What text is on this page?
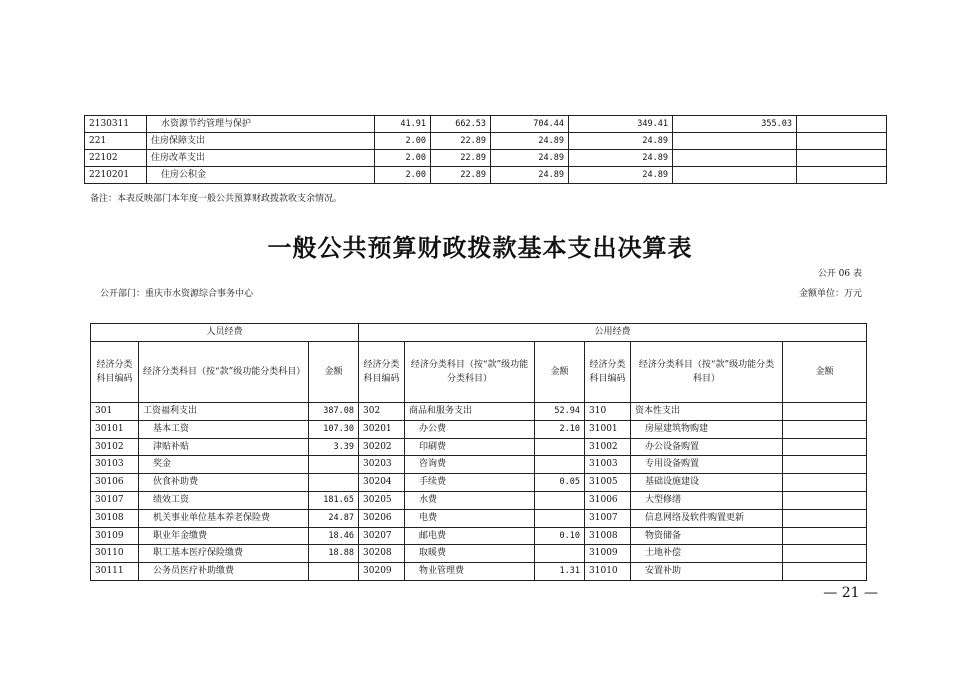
2130311	水资源节约管理与保护	41.91	662.53	704.44	349.41	355.03	
221	住房保障支出	2.00	22.89	24.89	24.89		
22102	住房改革支出	2.00	22.89	24.89	24.89		
2210201	住房公积金	2.00	22.89	24.89	24.89		
备注：本表反映部门本年度一般公共预算财政拨款收支余情况。
一般公共预算财政拨款基本支出决算表
公开 06 表
公开部门：重庆市水资源综合事务中心	金额单位：万元
人员经费			公用经费					
经济分类科目编码	经济分类科目（按“款”级功能分类科目）	金额	经济分类科目编码	经济分类科目（按“款”级功能分类科目）	金额	经济分类科目编码	经济分类科目（按“款”级功能分类科目）	金额
301	工资福利支出	387.08	302	商品和服务支出	52.94	310	资本性支出	
30101	基本工资	107.30	30201	办公费	2.10	31001	房屋建筑物购建	
30102	津贴补贴	3.39	30202	印刷费		31002	办公设备购置	
30103	奖金		30203	咨询费		31003	专用设备购置	
30106	伙食补助费		30204	手续费	0.05	31005	基础设施建设	
30107	绩效工资	181.65	30205	水费		31006	大型修缮	
30108	机关事业单位基本养老保险费	24.87	30206	电费		31007	信息网络及软件购置更新	
30109	职业年金缴费	18.46	30207	邮电费	0.10	31008	物资储备	
30110	职工基本医疗保险缴费	18.88	30208	取暖费		31009	土地补偿	
30111	公务员医疗补助缴费		30209	物业管理费	1.31	31010	安置补助	
— 21 —
